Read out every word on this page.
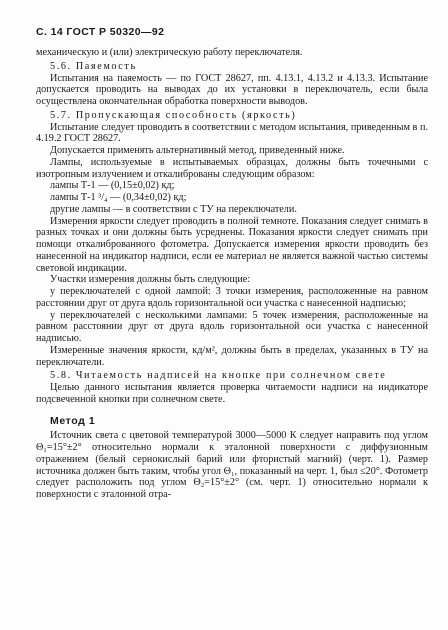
С. 14 ГОСТ Р 50320—92

механическую и (или) электрическую работу переключателя.

5.6. Паяемость

Испытания на паяемость — по ГОСТ 28627, пп. 4.13.1, 4.13.2 и 4.13.3. Испытание допускается проводить на выводах до их установки в переключатель, если была осуществлена окончательная обработка поверхности выводов.

5.7. Пропускающая способность (яркость)

Испытание следует проводить в соответствии с методом испытания, приведенным в п. 4.19.2 ГОСТ 28627.

Допускается применять альтернативный метод, приведенный ниже.

Лампы, используемые в испытываемых образцах, должны быть точечными с изотропным излучением и откалиброваны следующим образом:

лампы Т-1 — (0,15±0,02) кд;

лампы Т-1 ³/₄ — (0,34±0,02) кд;

другие лампы — в соответствии с ТУ на переключатели.

Измерения яркости следует проводить в полной темноте. Показания следует снимать в разных точках и они должны быть усреднены. Показания яркости следует снимать при помощи откалиброванного фотометра. Допускается измерения яркости проводить без нанесенной на индикатор надписи, если ее материал не является важной частью системы световой индикации.

Участки измерения должны быть следующие:

у переключателей с одной лампой: 3 точки измерения, расположенные на равном расстоянии друг от друга вдоль горизонтальной оси участка с нанесенной надписью;

у переключателей с несколькими лампами: 5 точек измерения, расположенные на равном расстоянии друг от друга вдоль горизонтальной оси участка с нанесенной надписью.

Измеренные значения яркости, кд/м², должны быть в пределах, указанных в ТУ на переключатели.

5.8. Читаемость надписей на кнопке при солнечном свете

Целью данного испытания является проверка читаемости надписи на индикаторе подсвеченной кнопки при солнечном свете.

Метод 1

Источник света с цветовой температурой 3000—5000 К следует направить под углом Θ₁=15°±2° относительно нормали к эталонной поверхности с диффузионным отражением (белый сернокислый барий или фтористый магний) (черт. 1). Размер источника должен быть таким, чтобы угол Θ₁, показанный на черт. 1, был ≤20°. Фотометр следует расположить под углом Θ₂=15°±2° (см. черт. 1) относительно нормали к поверхности с эталонной отра-
